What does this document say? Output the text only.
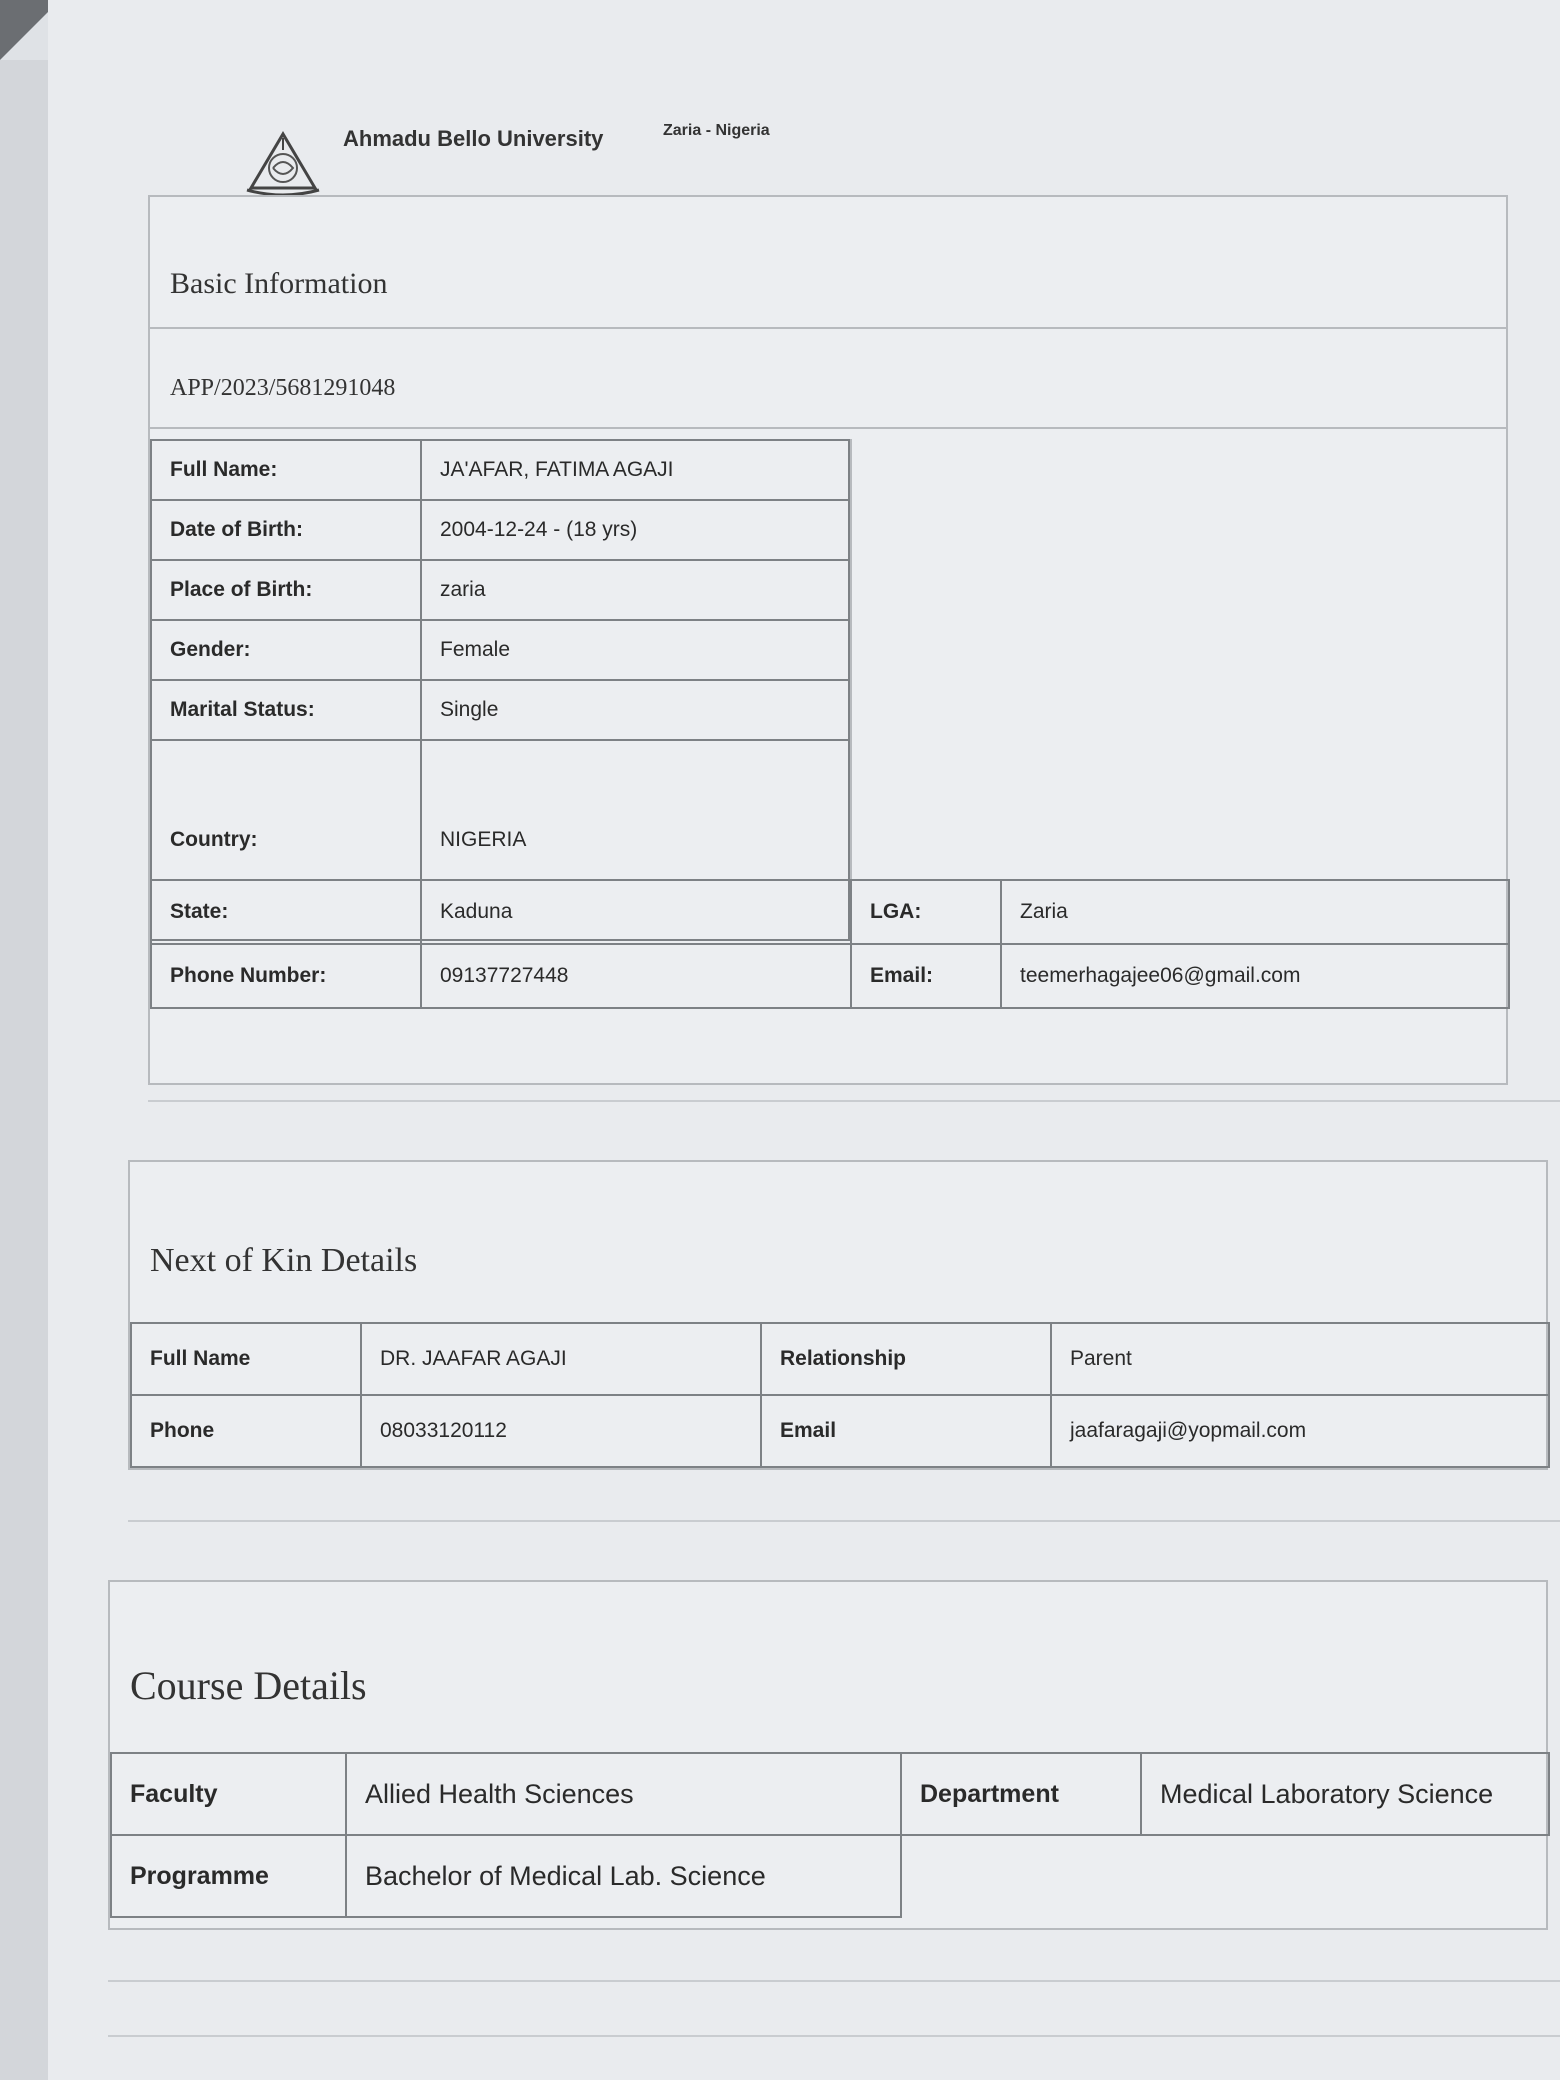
Ahmadu Bello University	Zaria - Nigeria
Basic Information
APP/2023/5681291048
Full Name:	JA'AFAR, FATIMA AGAJI
Date of Birth:	2004-12-24 - (18 yrs)
Place of Birth:	zaria
Gender:	Female
Marital Status:	Single
Country:	NIGERIA
State:	Kaduna	LGA:	Zaria
Phone Number:	09137727448	Email:	teemerhagajee06@gmail.com
Next of Kin Details
Full Name	DR. JAAFAR AGAJI	Relationship	Parent
Phone	08033120112	Email	jaafaragaji@yopmail.com
Course Details
Faculty	Allied Health Sciences	Department	Medical Laboratory Science
Programme	Bachelor of Medical Lab. Science		
